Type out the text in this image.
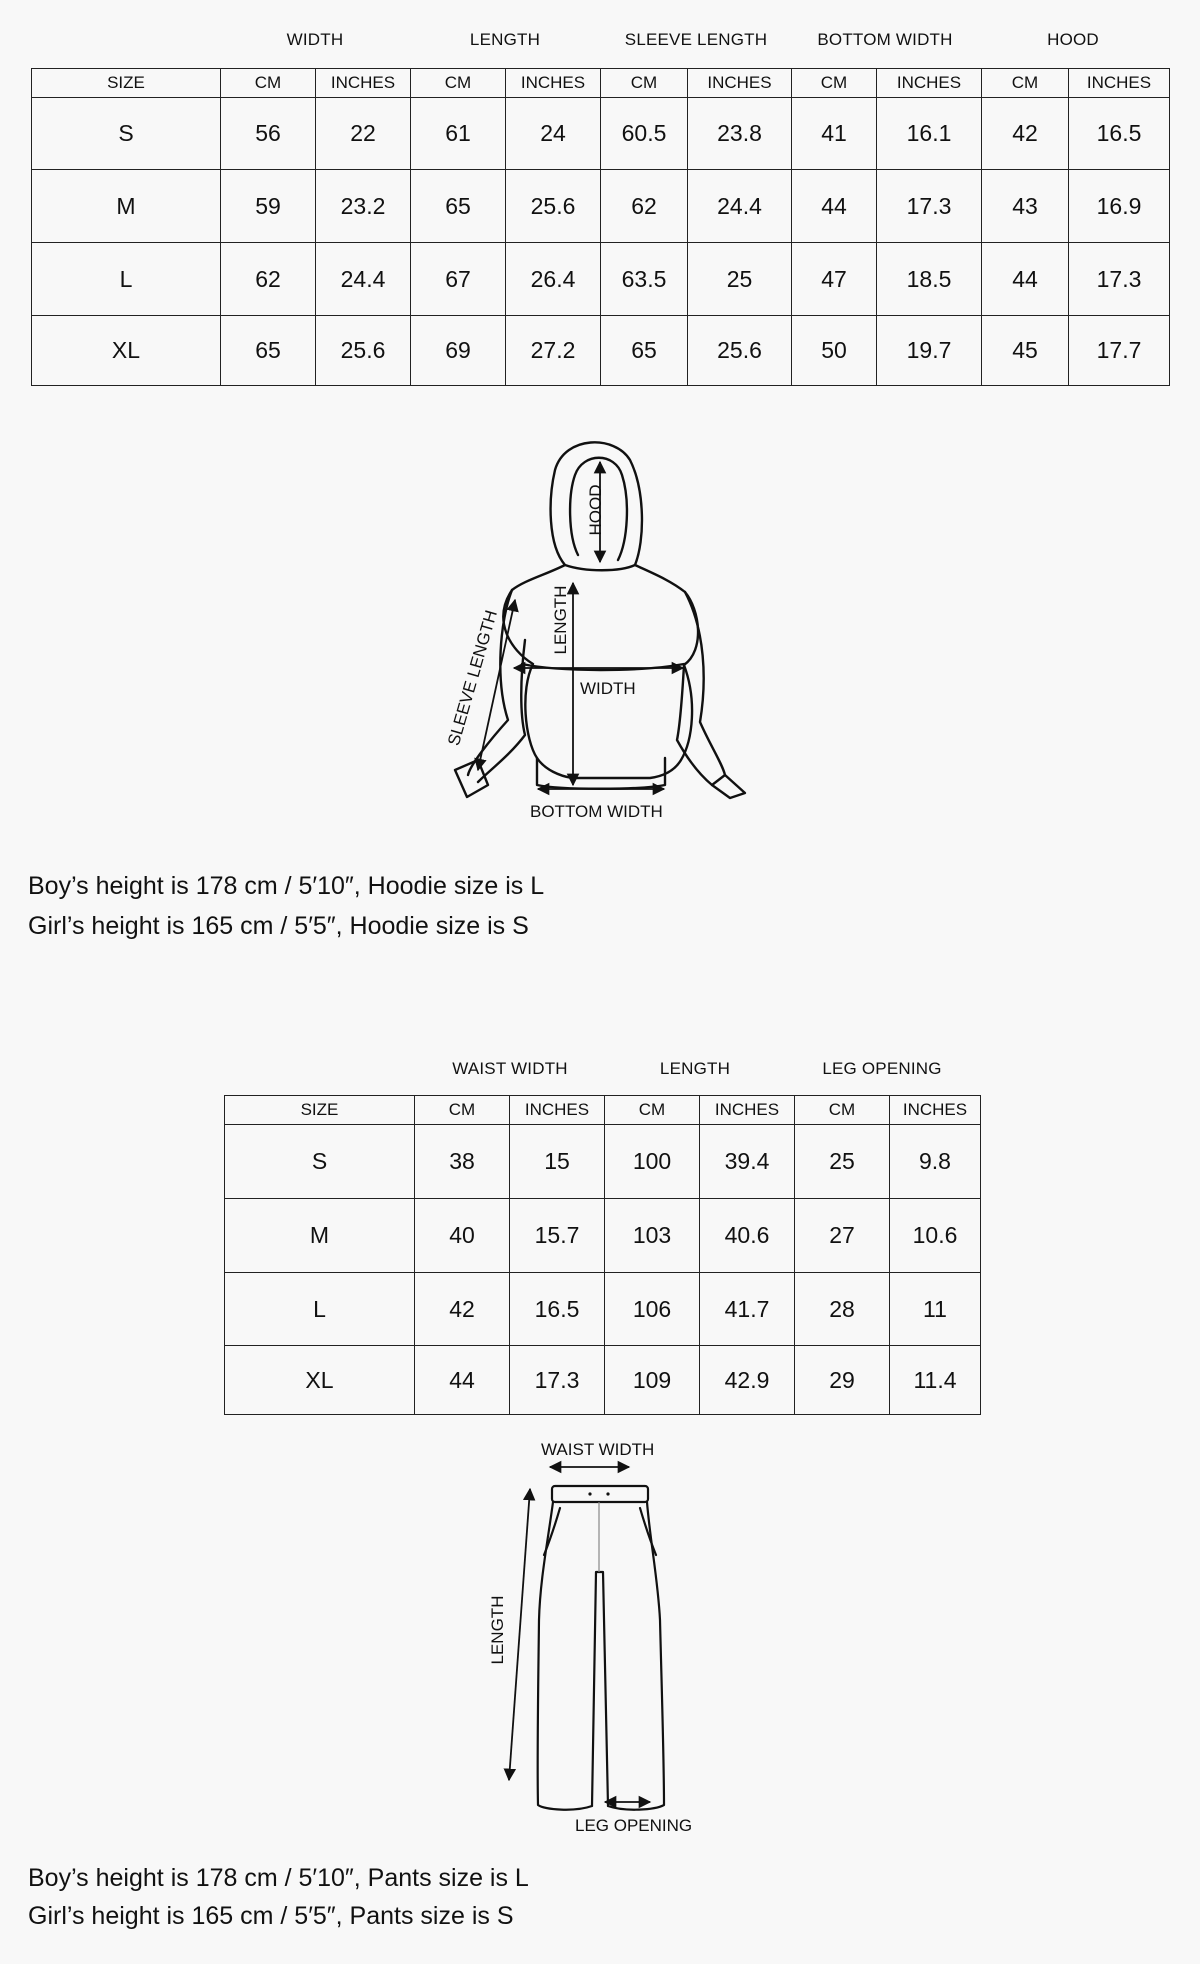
WIDTH	LENGTH	SLEEVE LENGTH	BOTTOM WIDTH	HOOD
SIZE	CM	INCHES	CM	INCHES	CM	INCHES	CM	INCHES	CM	INCHES
S	56	22	61	24	60.5	23.8	41	16.1	42	16.5
M	59	23.2	65	25.6	62	24.4	44	17.3	43	16.9
L	62	24.4	67	26.4	63.5	25	47	18.5	44	17.3
XL	65	25.6	69	27.2	65	25.6	50	19.7	45	17.7
HOOD
LENGTH
WIDTH
SLEEVE LENGTH
BOTTOM WIDTH
Boy’s height is 178 cm / 5′10″, Hoodie size is L
Girl’s height is 165 cm / 5′5″, Hoodie size is S
WAIST WIDTH	LENGTH	LEG OPENING
SIZE	CM	INCHES	CM	INCHES	CM	INCHES
S	38	15	100	39.4	25	9.8
M	40	15.7	103	40.6	27	10.6
L	42	16.5	106	41.7	28	11
XL	44	17.3	109	42.9	29	11.4
WAIST WIDTH
LENGTH
LEG OPENING
Boy’s height is 178 cm / 5′10″, Pants size is L
Girl’s height is 165 cm / 5′5″, Pants size is S
